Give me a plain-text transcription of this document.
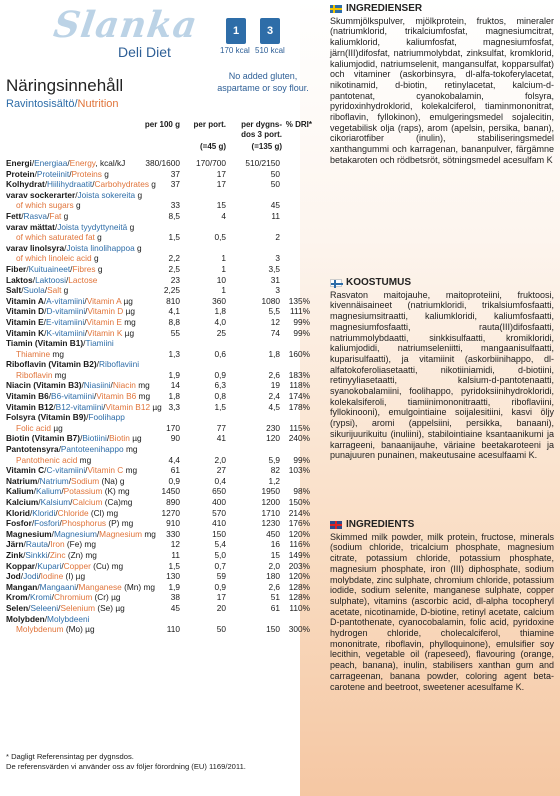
Slanka
Deli Diet
1
170 kcal
3
510 kcal
No added gluten, aspartame or soy flour.
Näringsinnehåll
Ravintosisältö/Nutrition
per 100 g	per port.	per dygns-dos 3 port.
% DRI*
(=45 g)	(=135 g)
Energi/Energiaa/Energy, kcal/kJ	380/1600	170/700	510/2150
Protein/Proteiinit/Proteins g	37	17	50
Kolhydrat/Hiilihydraatit/Carbohydrates g	37	17	50
varav sockerarter/Joista sokereita g
of which sugars g	33	15	45
Fett/Rasva/Fat g	8,5	4	11
varav mättat/Joista tyydyttyneitä g
of which saturated fat g	1,5	0,5	2
varav linolsyra/Joista linolihappoa g
of which linoleic acid g	2,2	1	3
Fiber/Kuituaineet/Fibres g	2,5	1	3,5
Laktos/Laktoosi/Lactose	23	10	31
Salt/Suola/Salt g	2,25	1	3
Vitamin A/A-vitamiini/Vitamin A µg	810	360	1080	135%
Vitamin D/D-vitamiini/Vitamin D µg	4,1	1,8	5,5	111%
Vitamin E/E-vitamiini/Vitamin E mg	8,8	4,0	12	99%
Vitamin K/K-vitamiini/Vitamin K µg	55	25	74	99%
Tiamin (Vitamin B1)/Tiamiini
Thiamine mg	1,3	0,6	1,8	160%
Riboflavin (Vitamin B2)/Riboflaviini
Riboflavin mg	1,9	0,9	2,6	183%
Niacin (Vitamin B3)/Niasiini/Niacin mg	14	6,3	19	118%
Vitamin B6/B6-vitamiini/Vitamin B6 mg	1,8	0,8	2,4	174%
Vitamin B12/B12-vitamiini/Vitamin B12 µg 3,3	1,5	4,5	178%
Folsyra (Vitamin B9)/Foolihapp
Folic acid µg	170	77	230	115%
Biotin (Vitamin B7)/Biotiini/Biotin µg	90	41	120	240%
Pantotensyra/Pantoteenihappo mg
Pantothenic acid mg	4,4	2,0	5,9	99%
Vitamin C/C-vitamiini/Vitamin C mg	61	27	82	103%
Natrium/Natrium/Sodium (Na) g	0,9	0,4	1,2
Kalium/Kalium/Potassium (K) mg	1450	650	1950	98%
Kalcium/Kalsium/Calcium (Ca)mg	890	400	1200	150%
Klorid/Kloridi/Chloride (Cl) mg	1270	570	1710	214%
Fosfor/Fosfori/Phosphorus (P) mg	910	410	1230	176%
Magnesium/Magnesium/Magnesium mg	330	150	450	120%
Järn/Rauta/Iron (Fe) mg	12	5,4	16	116%
Zink/Sinkki/Zinc (Zn) mg	11	5,0	15	149%
Koppar/Kupari/Copper (Cu) mg	1,5	0,7	2,0	203%
Jod/Jodi/Iodine (I) µg	130	59	180	120%
Mangan/Mangaani/Manganese (Mn) mg	1,9	0,9	2,6	128%
Krom/Kromi/Chromium (Cr) µg	38	17	51	128%
Selen/Seleeni/Selenium (Se) µg	45	20	61	110%
Molybden/Molybdeeni
Molybdenum (Mo) µg	110	50	150	300%
* Dagligt Referensintag per dygnsdos.
De referensvärden vi använder oss av följer förordning (EU) 1169/2011.
INGREDIENSER

Skummjölkspulver, mjölkprotein, fruktos, mineraler (natriumklorid, trikalciumfosfat, magnesiumcitrat, kaliumklorid, kaliumfosfat, magnesiumfosfat, järn(III)difosfat, natriummolybdat, zinksulfat, kromklorid, kaliumjodid, natriumselenit, mangansulfat, kopparsulfat) och vitaminer (askorbinsyra, dl-alfa-tokoferylacetat, nikotinamid, d-biotin, retinylacetat, kalcium-d-pantotenat, cyanokobalamin, folsyra, pyridoxinhydroklorid, kolekalciferol, tiaminmononitrat, riboflavin, fyllokinon), emulgeringsmedel sojalecitin, vegetabilisk olja (raps), arom (apelsin, persika, banan), cikoriarotfiber (inulin), stabiliseringsmedel xanthangummi och karragenan, bananpulver, färgämne betakaroten och rödbetsröt, sötningsmedel acesulfam K

KOOSTUMUS

Rasvaton maitojauhe, maitoproteiini, fruktoosi, kivennäisaineet (natriumkloridi, trikalsiumfosfaatti, magnesiumsitraatti, kaliumkloridi, kaliumfosfaatti, magnesiumfosfaatti, rauta(III)difosfaatti, natriummolybdaatti, sinkkisulfaatti, kromikloridi, kaliumjodidi, natriumseleniitti, mangaanisulfaatti, kuparisulfaatti), ja vitamiinit (askorbiinihappo, dl-alfatokoferoliasetaatti, nikotiiniamidi, d-biotiini, retinyyliasetaatti, kalsium-d-pantotenaatti, syanokobalamiini, foolihappo, pyridoksiinihydrokloridi, kolekalsiferoli, tiamiinimononitraatti, riboflaviini, fyllokinooni), emulgointiaine soijalesitiini, kasvi öljy (rypsi), aromi (appelsiini, persikka, banaani), sikurijuurikuitu (inuliini), stabilointiaine ksantaanikumi ja karrageeni, banaanijauhe, väriaine beetakaroteeni ja punajuuren punainen, makeutusaine acesulfaami K.

INGREDIENTS

Skimmed milk powder, milk protein, fructose, minerals (sodium chloride, tricalcium phosphate, magnesium citrate, potassium chloride, potassium phosphate, magnesium phosphate, iron (III) diphosphate, sodium molybdate, zinc sulphate, chromium chloride, potassium iodide, sodium selenite, manganese sulphate, copper sulphate), vitamins (ascorbic acid, dl-alpha tocopheryl acetate, nicotinamide, D-biotine, retinyl acetate, calcium D-pantothenate, cyanocobalamin, folic acid, pyridoxine hydrogen chloride, cholecalciferol, thiamine mononitrate, riboflavin, phylloquinone), emulsifier soy lecithin, vegetable oil (rapeseed), flavouring (orange, peach, banana), inulin, stabilisers xanthan gum and carrageenan, banana powder, coloring agent beta-carotene and beetroot, sweetener acesulfame K.
